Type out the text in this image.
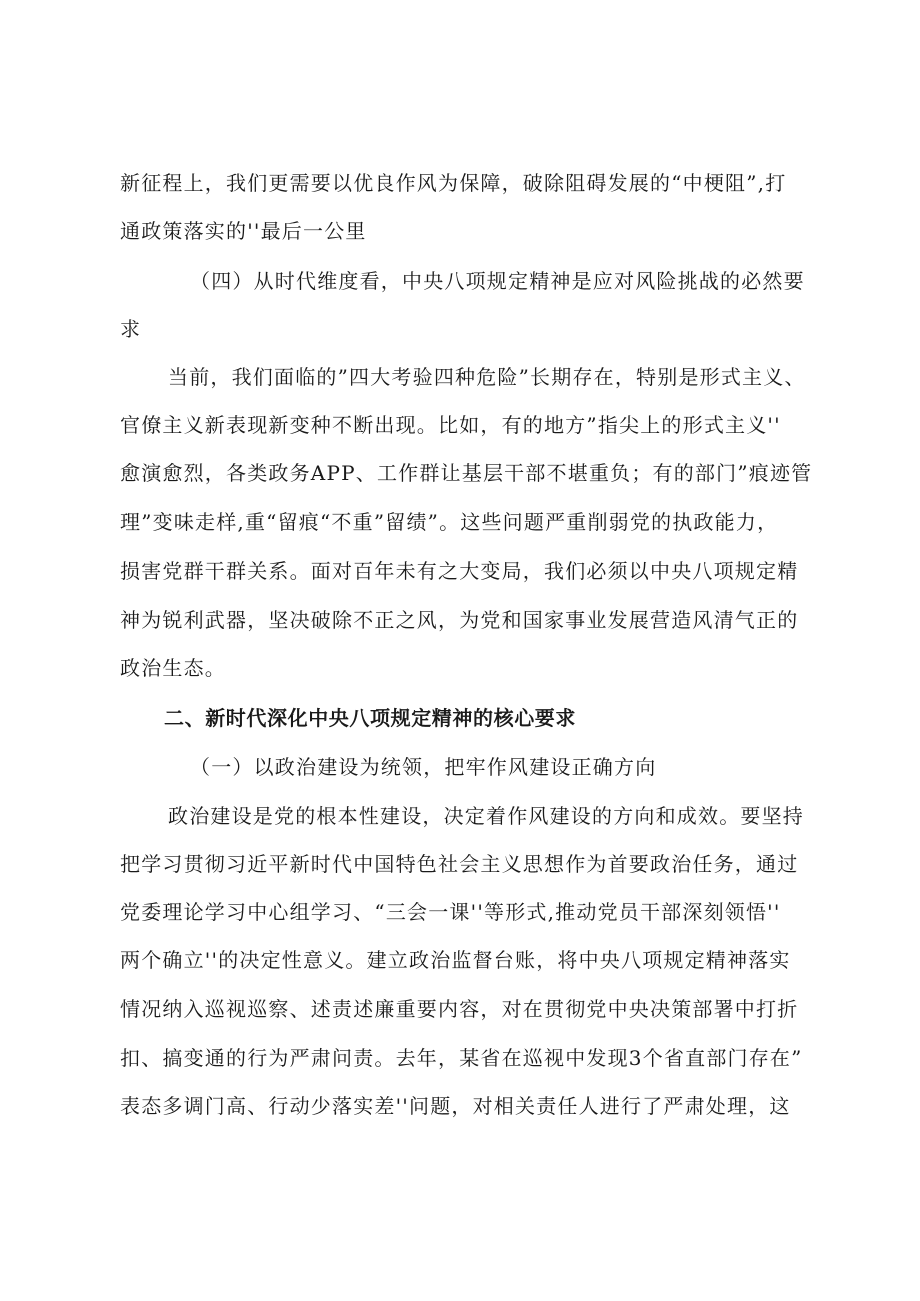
新征程上，我们更需要以优良作风为保障，破除阻碍发展的“中梗阻”,打
通政策落实的''最后一公里
（四）从时代维度看，中央八项规定精神是应对风险挑战的必然要
求
当前，我们面临的”四大考验四种危险”长期存在，特别是形式主义、
官僚主义新表现新变种不断出现。比如，有的地方”指尖上的形式主义''
愈演愈烈，各类政务APP、工作群让基层干部不堪重负；有的部门”痕迹管
理”变味走样,重“留痕“不重”留绩”。这些问题严重削弱党的执政能力，
损害党群干群关系。面对百年未有之大变局，我们必须以中央八项规定精
神为锐利武器，坚决破除不正之风，为党和国家事业发展营造风清气正的
政治生态。
二、新时代深化中央八项规定精神的核心要求
（一）以政治建设为统领，把牢作风建设正确方向
政治建设是党的根本性建设，决定着作风建设的方向和成效。要坚持
把学习贯彻习近平新时代中国特色社会主义思想作为首要政治任务，通过
党委理论学习中心组学习、“三会一课''等形式,推动党员干部深刻领悟''
两个确立''的决定性意义。建立政治监督台账，将中央八项规定精神落实
情况纳入巡视巡察、述责述廉重要内容，对在贯彻党中央决策部署中打折
扣、搞变通的行为严肃问责。去年，某省在巡视中发现3个省直部门存在”
表态多调门高、行动少落实差''问题，对相关责任人进行了严肃处理，这
